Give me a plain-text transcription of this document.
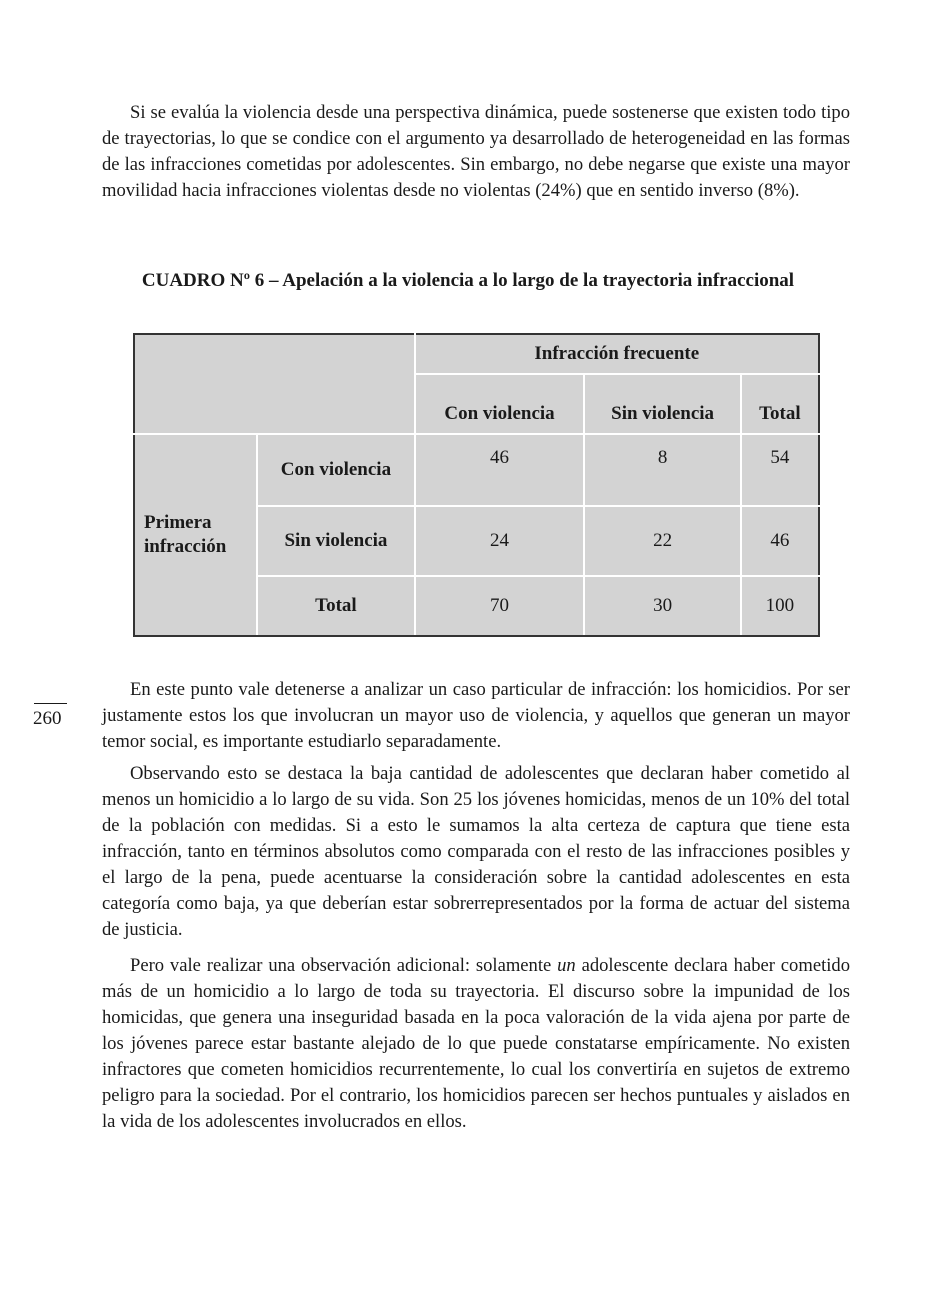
Si se evalúa la violencia desde una perspectiva dinámica, puede sostenerse que existen todo tipo de trayectorias, lo que se condice con el argumento ya desarrollado de heterogeneidad en las formas de las infracciones cometidas por adolescentes. Sin embargo, no debe negarse que existe una mayor movilidad hacia infracciones violentas desde no violentas (24%) que en sentido inverso (8%).

CUADRO Nº 6 – Apelación a la violencia a lo largo de la trayectoria infraccional

		Infracción frecuente		
		Con violencia	Sin violencia	Total
Primera infracción	Con violencia	46	8	54
	Sin violencia	24	22	46
	Total	70	30	100
260

En este punto vale detenerse a analizar un caso particular de infracción: los homicidios. Por ser justamente estos los que involucran un mayor uso de violencia, y aquellos que generan un mayor temor social, es importante estudiarlo separadamente.

Observando esto se destaca la baja cantidad de adolescentes que declaran haber cometido al menos un homicidio a lo largo de su vida. Son 25 los jóvenes homicidas, menos de un 10% del total de la población con medidas. Si a esto le sumamos la alta certeza de captura que tiene esta infracción, tanto en términos absolutos como comparada con el resto de las infracciones posibles y el largo de la pena, puede acentuarse la consideración sobre la cantidad adolescentes en esta categoría como baja, ya que deberían estar sobrerrepresentados por la forma de actuar del sistema de justicia.

Pero vale realizar una observación adicional: solamente un adolescente declara haber cometido más de un homicidio a lo largo de toda su trayectoria. El discurso sobre la impunidad de los homicidas, que genera una inseguridad basada en la poca valoración de la vida ajena por parte de los jóvenes parece estar bastante alejado de lo que puede constatarse empíricamente. No existen infractores que cometen homicidios recurrentemente, lo cual los convertiría en sujetos de extremo peligro para la sociedad. Por el contrario, los homicidios parecen ser hechos puntuales y aislados en la vida de los adolescentes involucrados en ellos.
